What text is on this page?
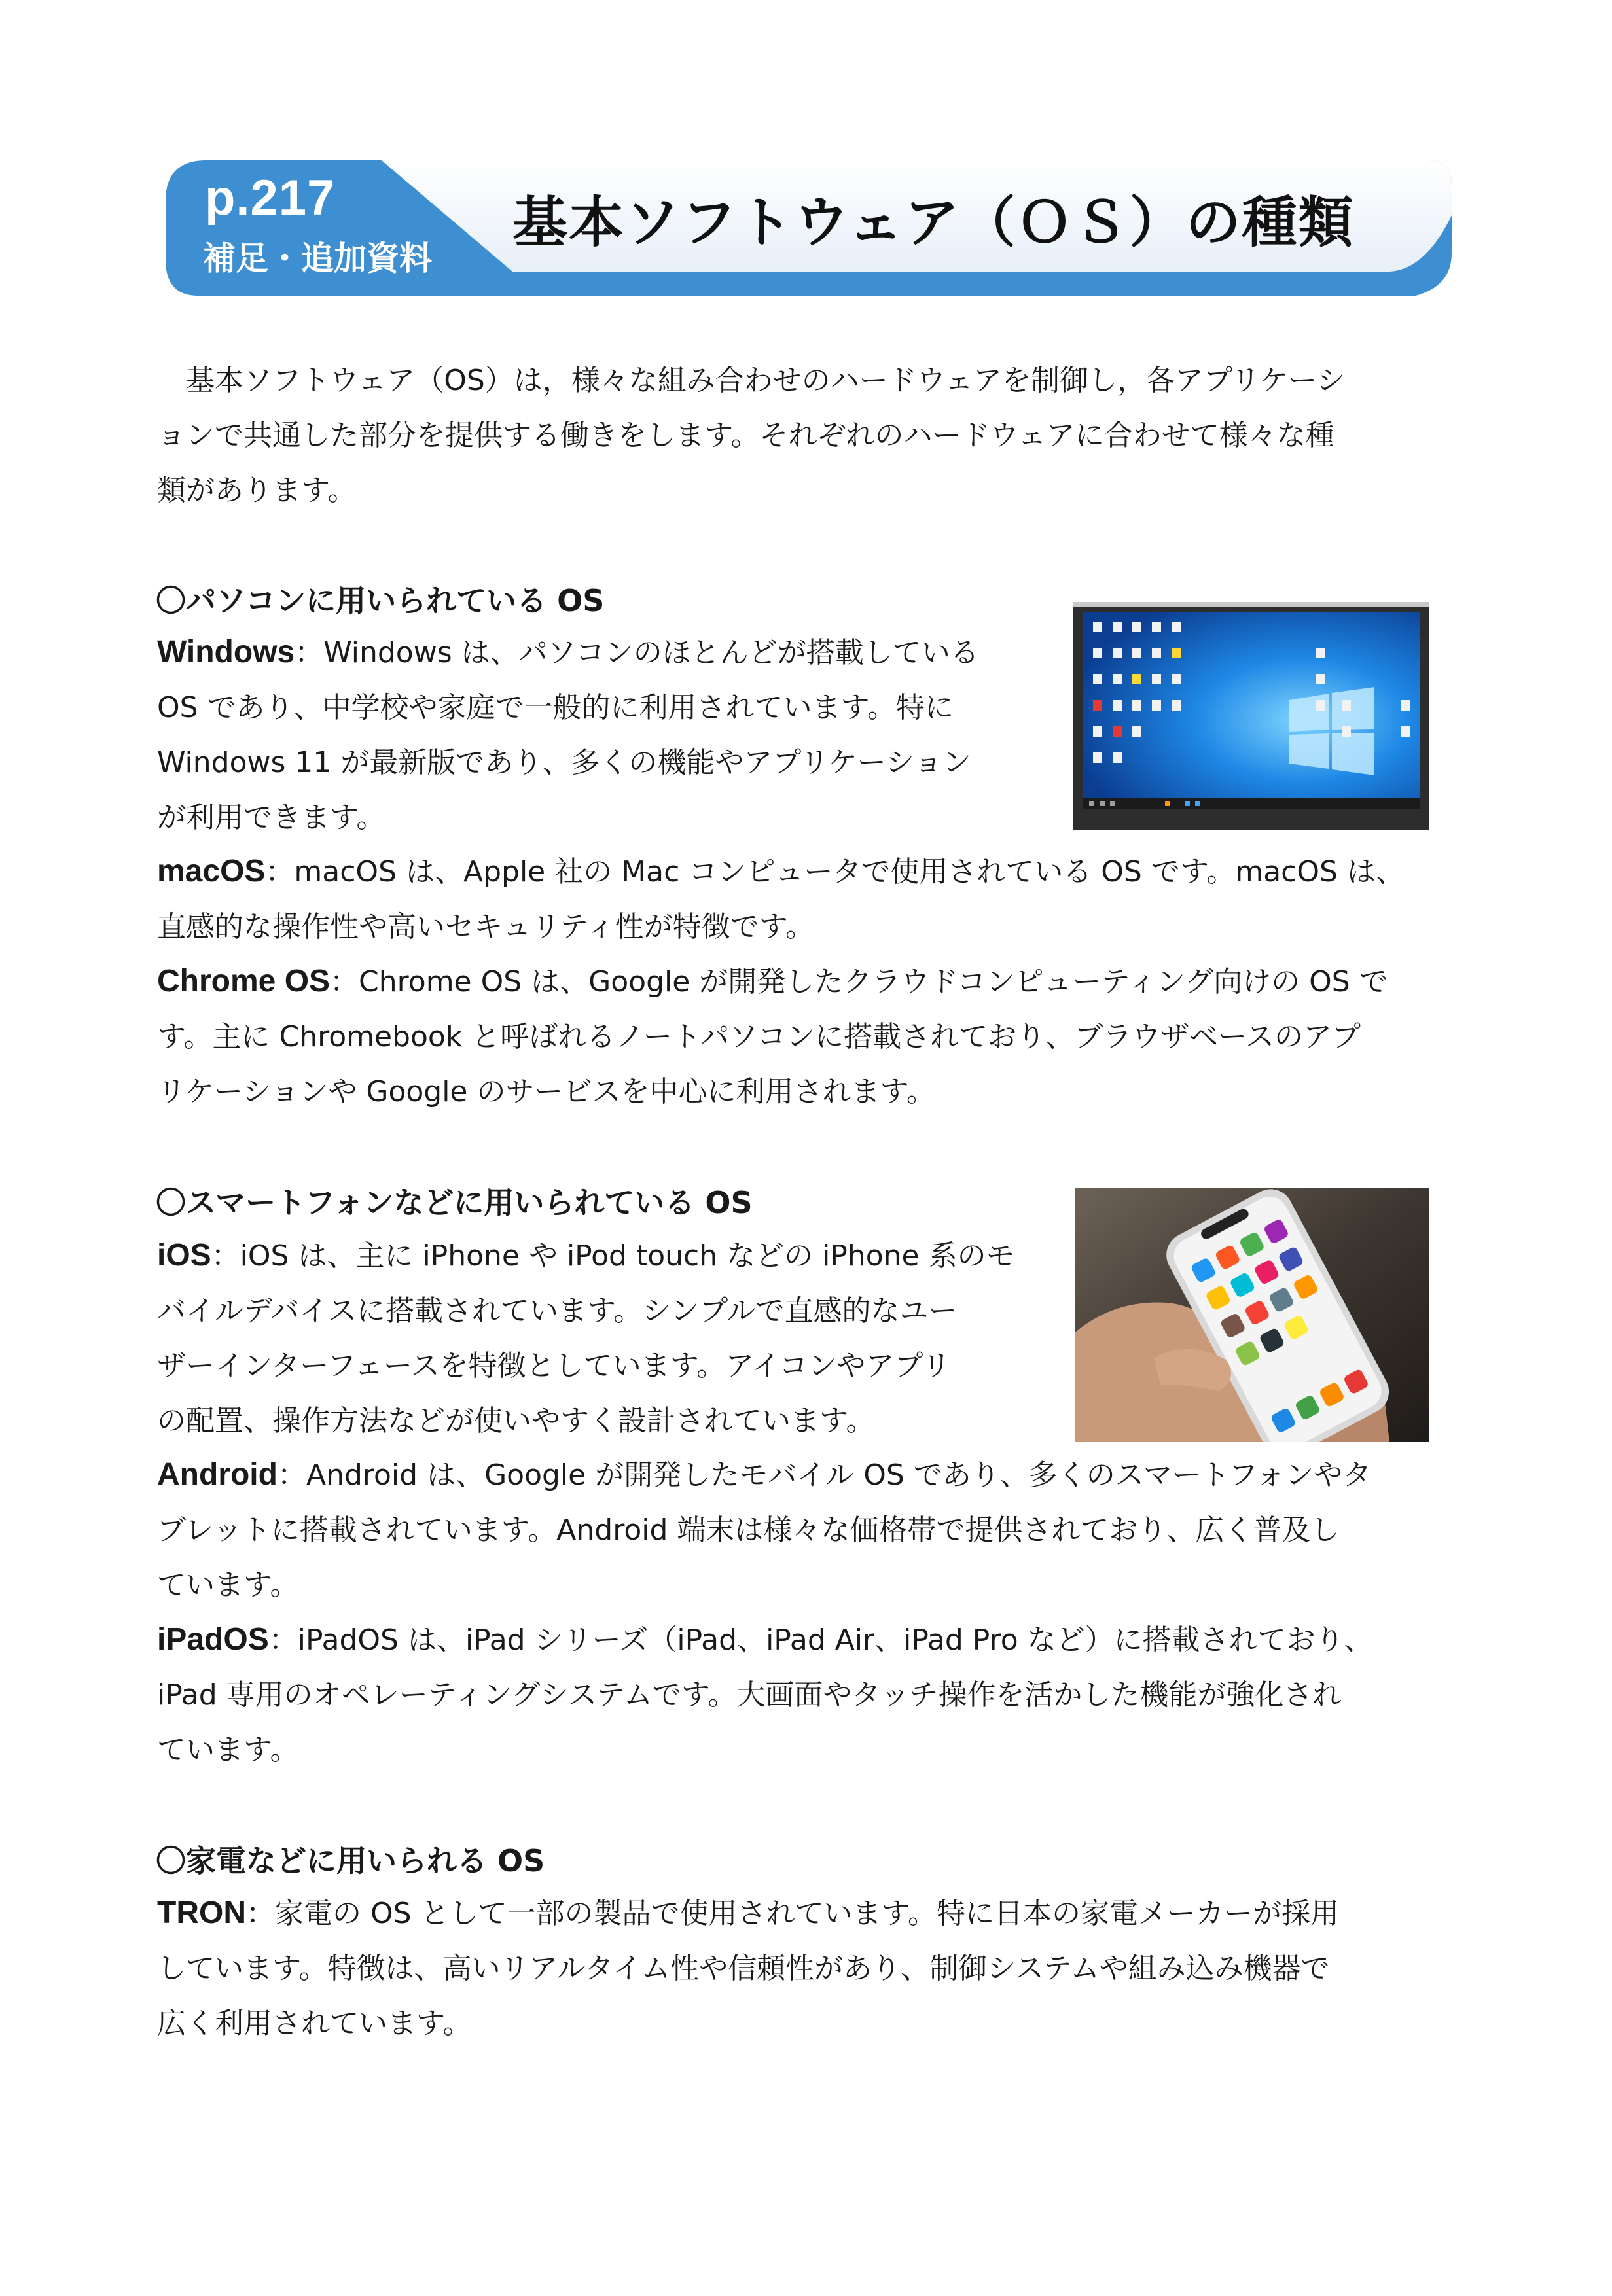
p.217
補足・追加資料
基本ソフトウェア（ＯＳ）の種類
基本ソフトウェア（OS）は，様々な組み合わせのハードウェアを制御し，各アプリケーシ
ョンで共通した部分を提供する働きをします。それぞれのハードウェアに合わせて様々な種
類があります。
〇パソコンに用いられている OS
Windows：Windows は、パソコンのほとんどが搭載している
OS であり、中学校や家庭で一般的に利用されています。特に
Windows 11 が最新版であり、多くの機能やアプリケーション
が利用できます。
macOS：macOS は、Apple 社の Mac コンピュータで使用されている OS です。macOS は、
直感的な操作性や高いセキュリティ性が特徴です。
Chrome OS：Chrome OS は、Google が開発したクラウドコンピューティング向けの OS で
す。主に Chromebook と呼ばれるノートパソコンに搭載されており、ブラウザベースのアプ
リケーションや Google のサービスを中心に利用されます。
〇スマートフォンなどに用いられている OS
iOS：iOS は、主に iPhone や iPod touch などの iPhone 系のモ
バイルデバイスに搭載されています。シンプルで直感的なユー
ザーインターフェースを特徴としています。アイコンやアプリ
の配置、操作方法などが使いやすく設計されています。
Android：Android は、Google が開発したモバイル OS であり、多くのスマートフォンやタ
ブレットに搭載されています。Android 端末は様々な価格帯で提供されており、広く普及し
ています。
iPadOS：iPadOS は、iPad シリーズ（iPad、iPad Air、iPad Pro など）に搭載されており、
iPad 専用のオペレーティングシステムです。大画面やタッチ操作を活かした機能が強化され
ています。
〇家電などに用いられる OS
TRON：家電の OS として一部の製品で使用されています。特に日本の家電メーカーが採用
しています。特徴は、高いリアルタイム性や信頼性があり、制御システムや組み込み機器で
広く利用されています。
